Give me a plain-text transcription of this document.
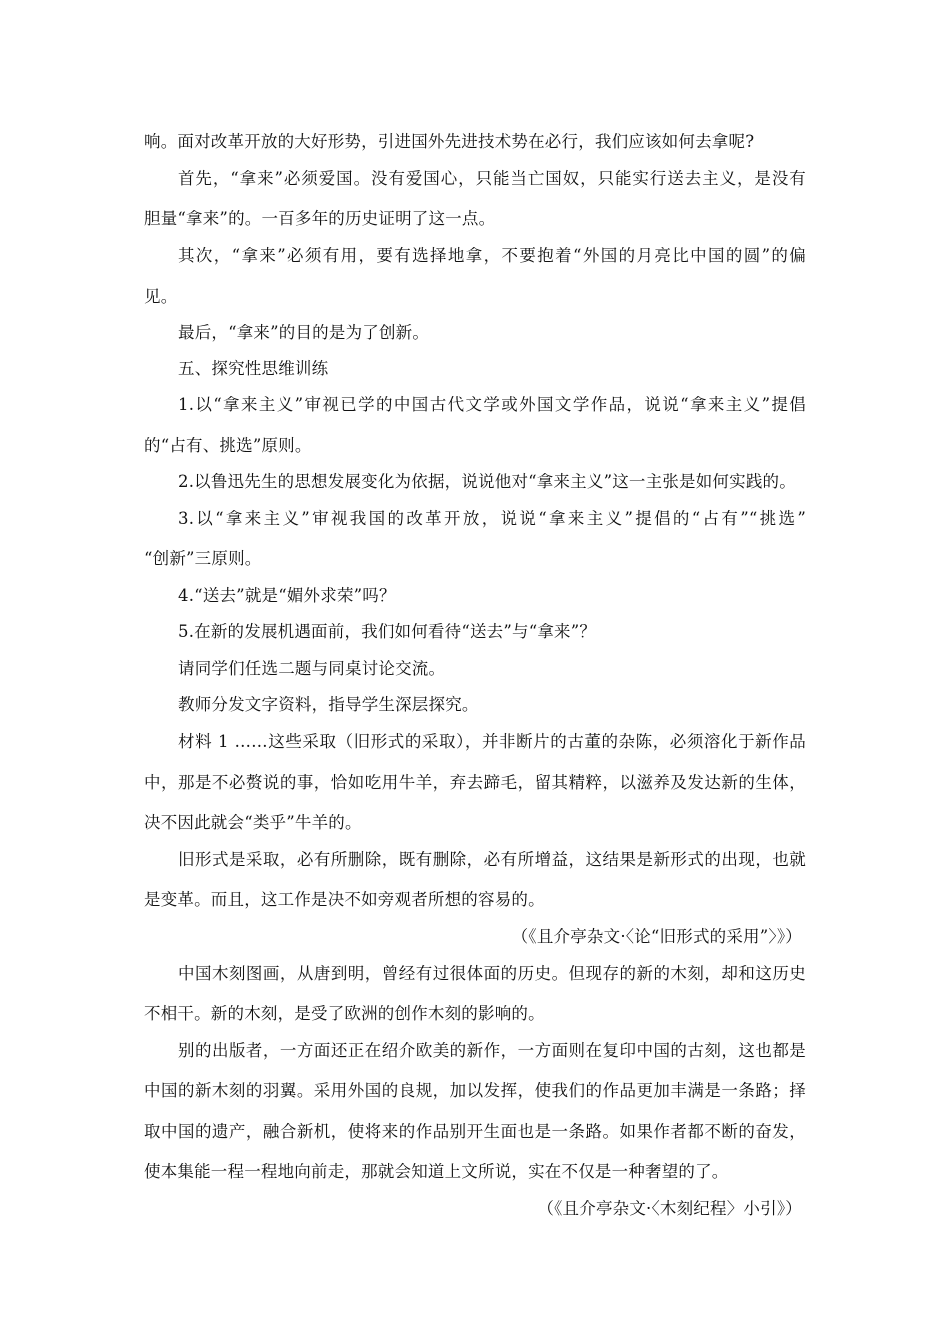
响。面对改革开放的大好形势，引进国外先进技术势在必行，我们应该如何去拿呢?
首先，“拿来”必须爱国。没有爱国心，只能当亡国奴，只能实行送去主义，是没有
胆量“拿来”的。一百多年的历史证明了这一点。
其次，“拿来”必须有用，要有选择地拿，不要抱着“外国的月亮比中国的圆”的偏
见。
最后，“拿来”的目的是为了创新。
五、探究性思维训练
1.以“拿来主义”审视已学的中国古代文学或外国文学作品，说说“拿来主义”提倡
的“占有、挑选”原则。
2.以鲁迅先生的思想发展变化为依据，说说他对“拿来主义”这一主张是如何实践的。
3.以“拿来主义”审视我国的改革开放，说说“拿来主义”提倡的“占有”“挑选”
“创新”三原则。
4.“送去”就是“媚外求荣”吗？
5.在新的发展机遇面前，我们如何看待“送去”与“拿来”？
请同学们任选二题与同桌讨论交流。
教师分发文字资料，指导学生深层探究。
材料 1 ……这些采取（旧形式的采取），并非断片的古董的杂陈，必须溶化于新作品
中，那是不必赘说的事，恰如吃用牛羊，弃去蹄毛，留其精粹，以滋养及发达新的生体，
决不因此就会“类乎”牛羊的。
旧形式是采取，必有所删除，既有删除，必有所增益，这结果是新形式的出现，也就
是变革。而且，这工作是决不如旁观者所想的容易的。
（《且介亭杂文·〈论“旧形式的采用”〉》）
中国木刻图画，从唐到明，曾经有过很体面的历史。但现存的新的木刻，却和这历史
不相干。新的木刻，是受了欧洲的创作木刻的影响的。
别的出版者，一方面还正在绍介欧美的新作，一方面则在复印中国的古刻，这也都是
中国的新木刻的羽翼。采用外国的良规，加以发挥，使我们的作品更加丰满是一条路；择
取中国的遗产，融合新机，使将来的作品别开生面也是一条路。如果作者都不断的奋发，
使本集能一程一程地向前走，那就会知道上文所说，实在不仅是一种奢望的了。
（《且介亭杂文·〈木刻纪程〉小引》）
